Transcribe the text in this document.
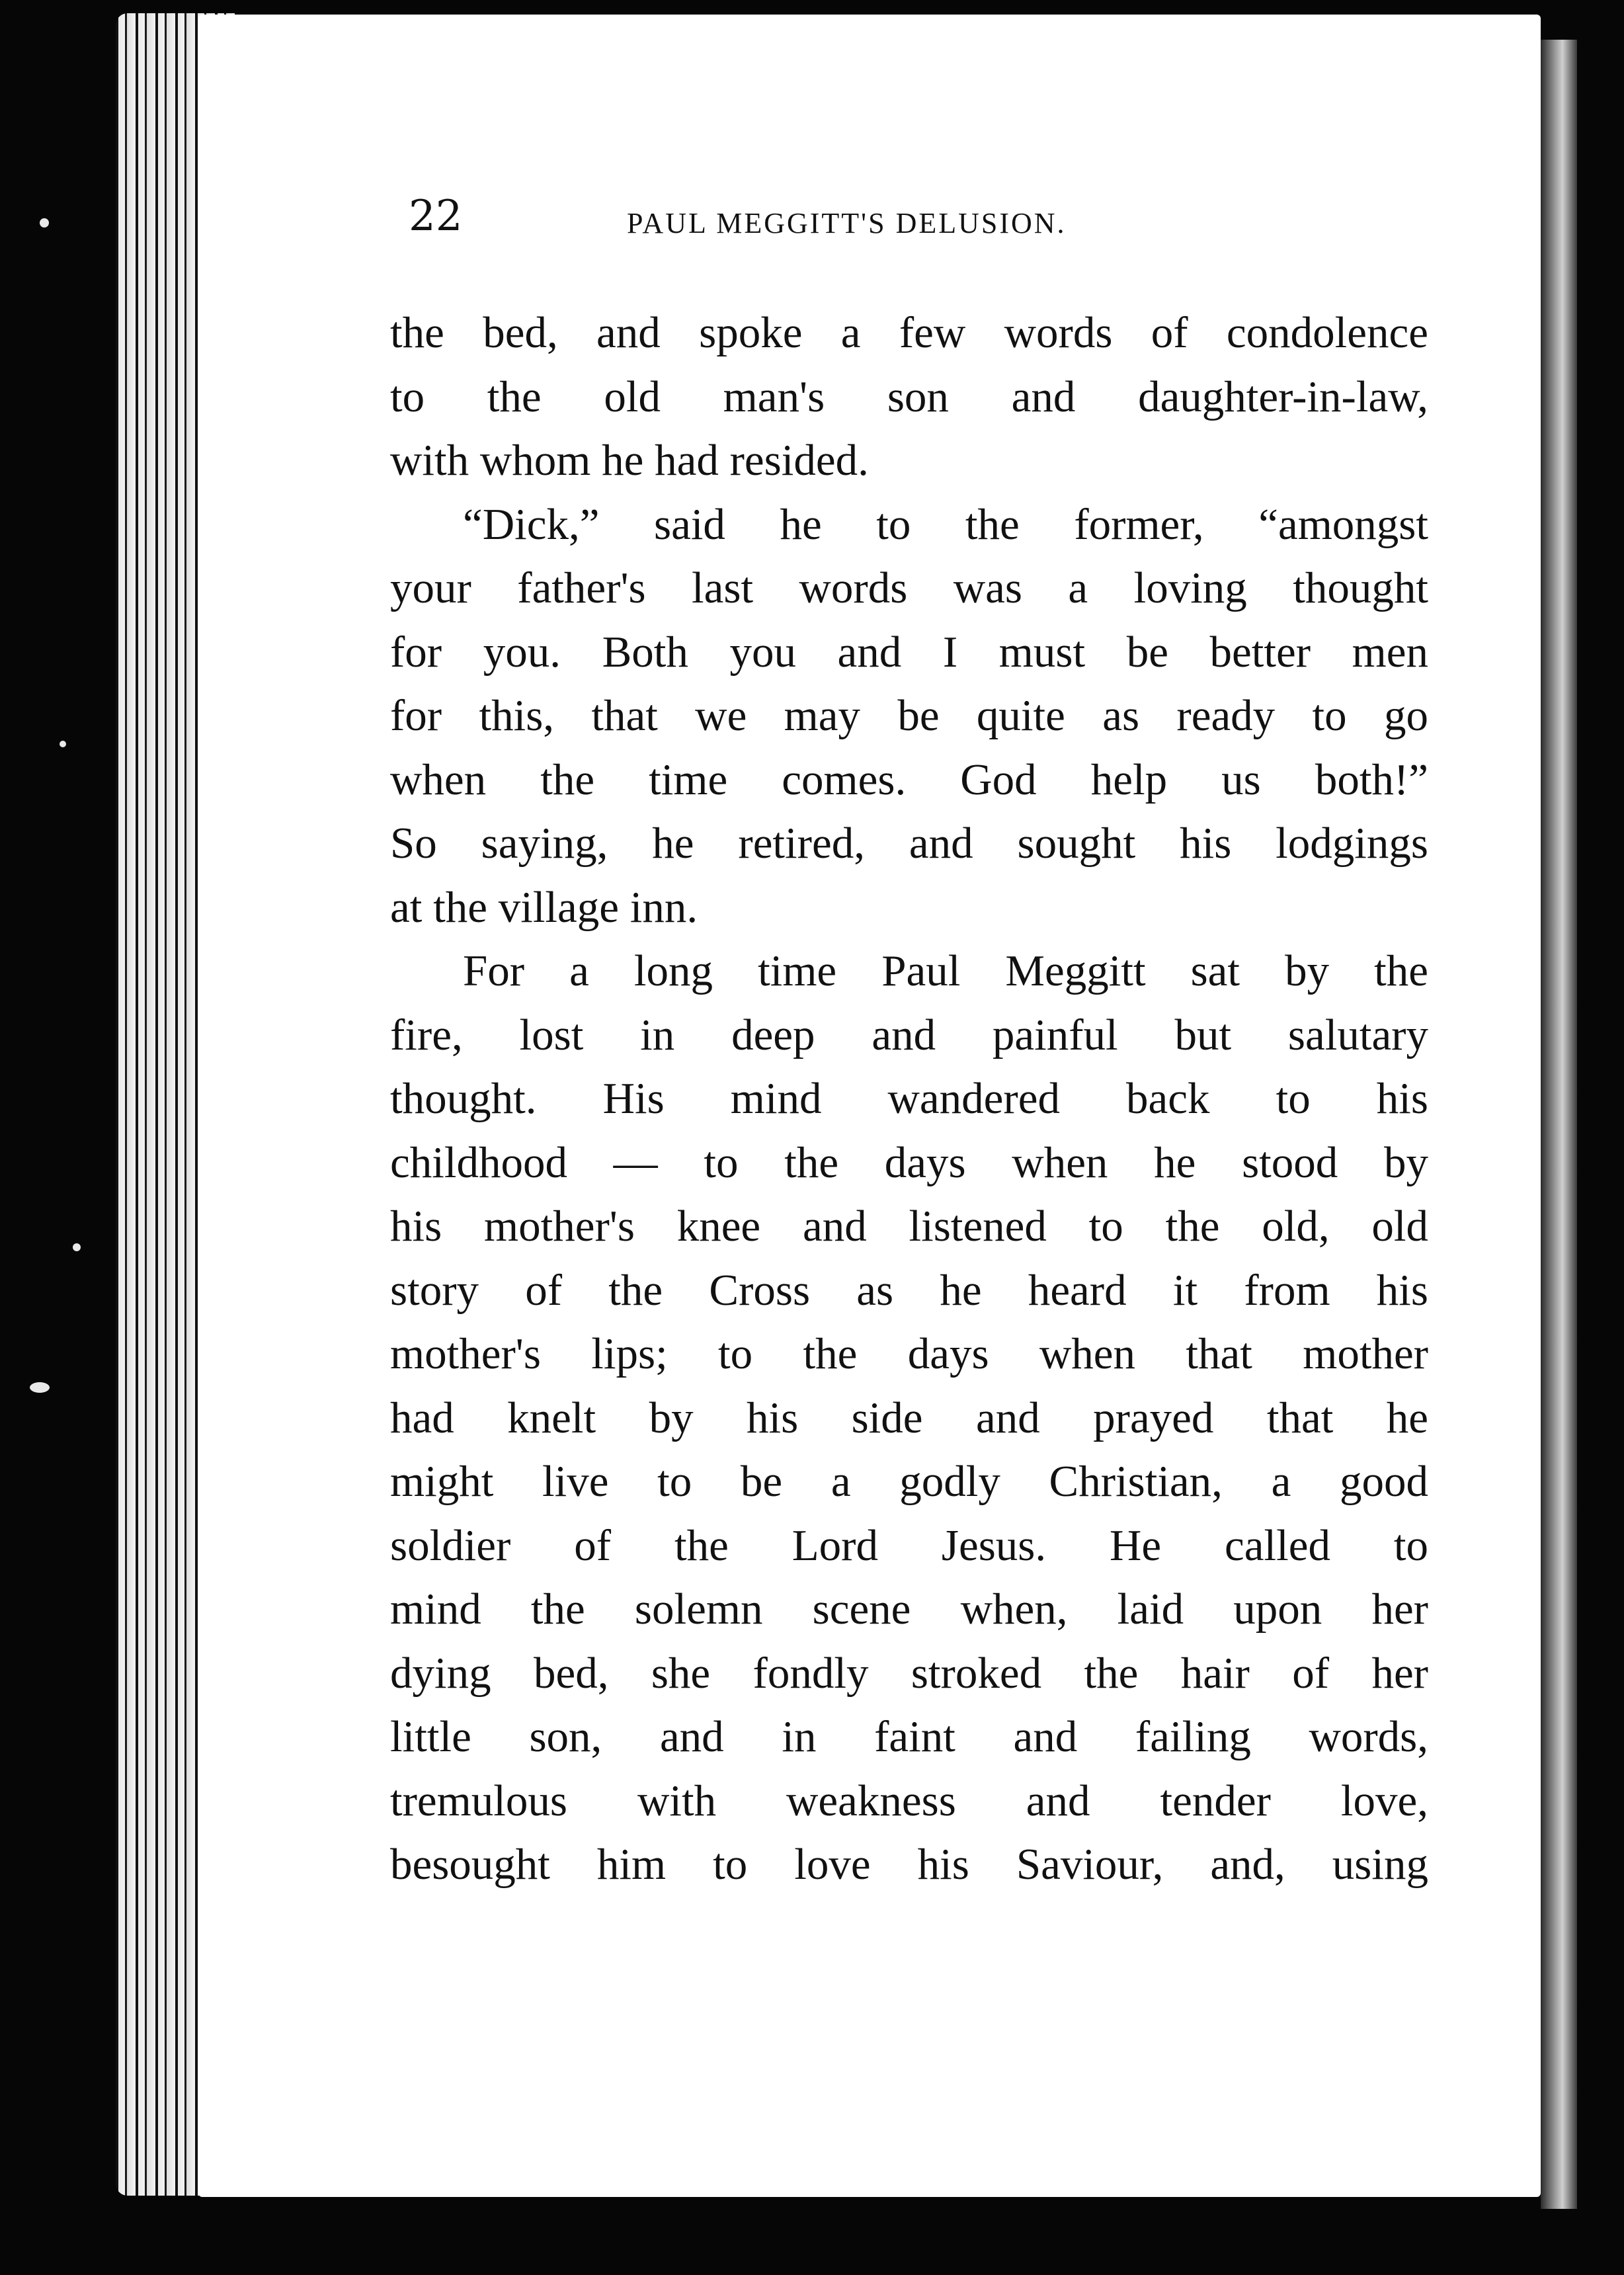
22	PAUL MEGGITT'S DELUSION.
the bed, and spoke a few words of condolence
to the old man's son and daughter-in-law,
with whom he had resided.
“Dick,” said he to the former, “amongst
your father's last words was a loving thought
for you. Both you and I must be better men
for this, that we may be quite as ready to go
when the time comes. God help us both!”
So saying, he retired, and sought his lodgings
at the village inn.
For a long time Paul Meggitt sat by the
fire, lost in deep and painful but salutary
thought. His mind wandered back to his
childhood — to the days when he stood by
his mother's knee and listened to the old, old
story of the Cross as he heard it from his
mother's lips; to the days when that mother
had knelt by his side and prayed that he
might live to be a godly Christian, a good
soldier of the Lord Jesus. He called to
mind the solemn scene when, laid upon her
dying bed, she fondly stroked the hair of her
little son, and in faint and failing words,
tremulous with weakness and tender love,
besought him to love his Saviour, and, using
